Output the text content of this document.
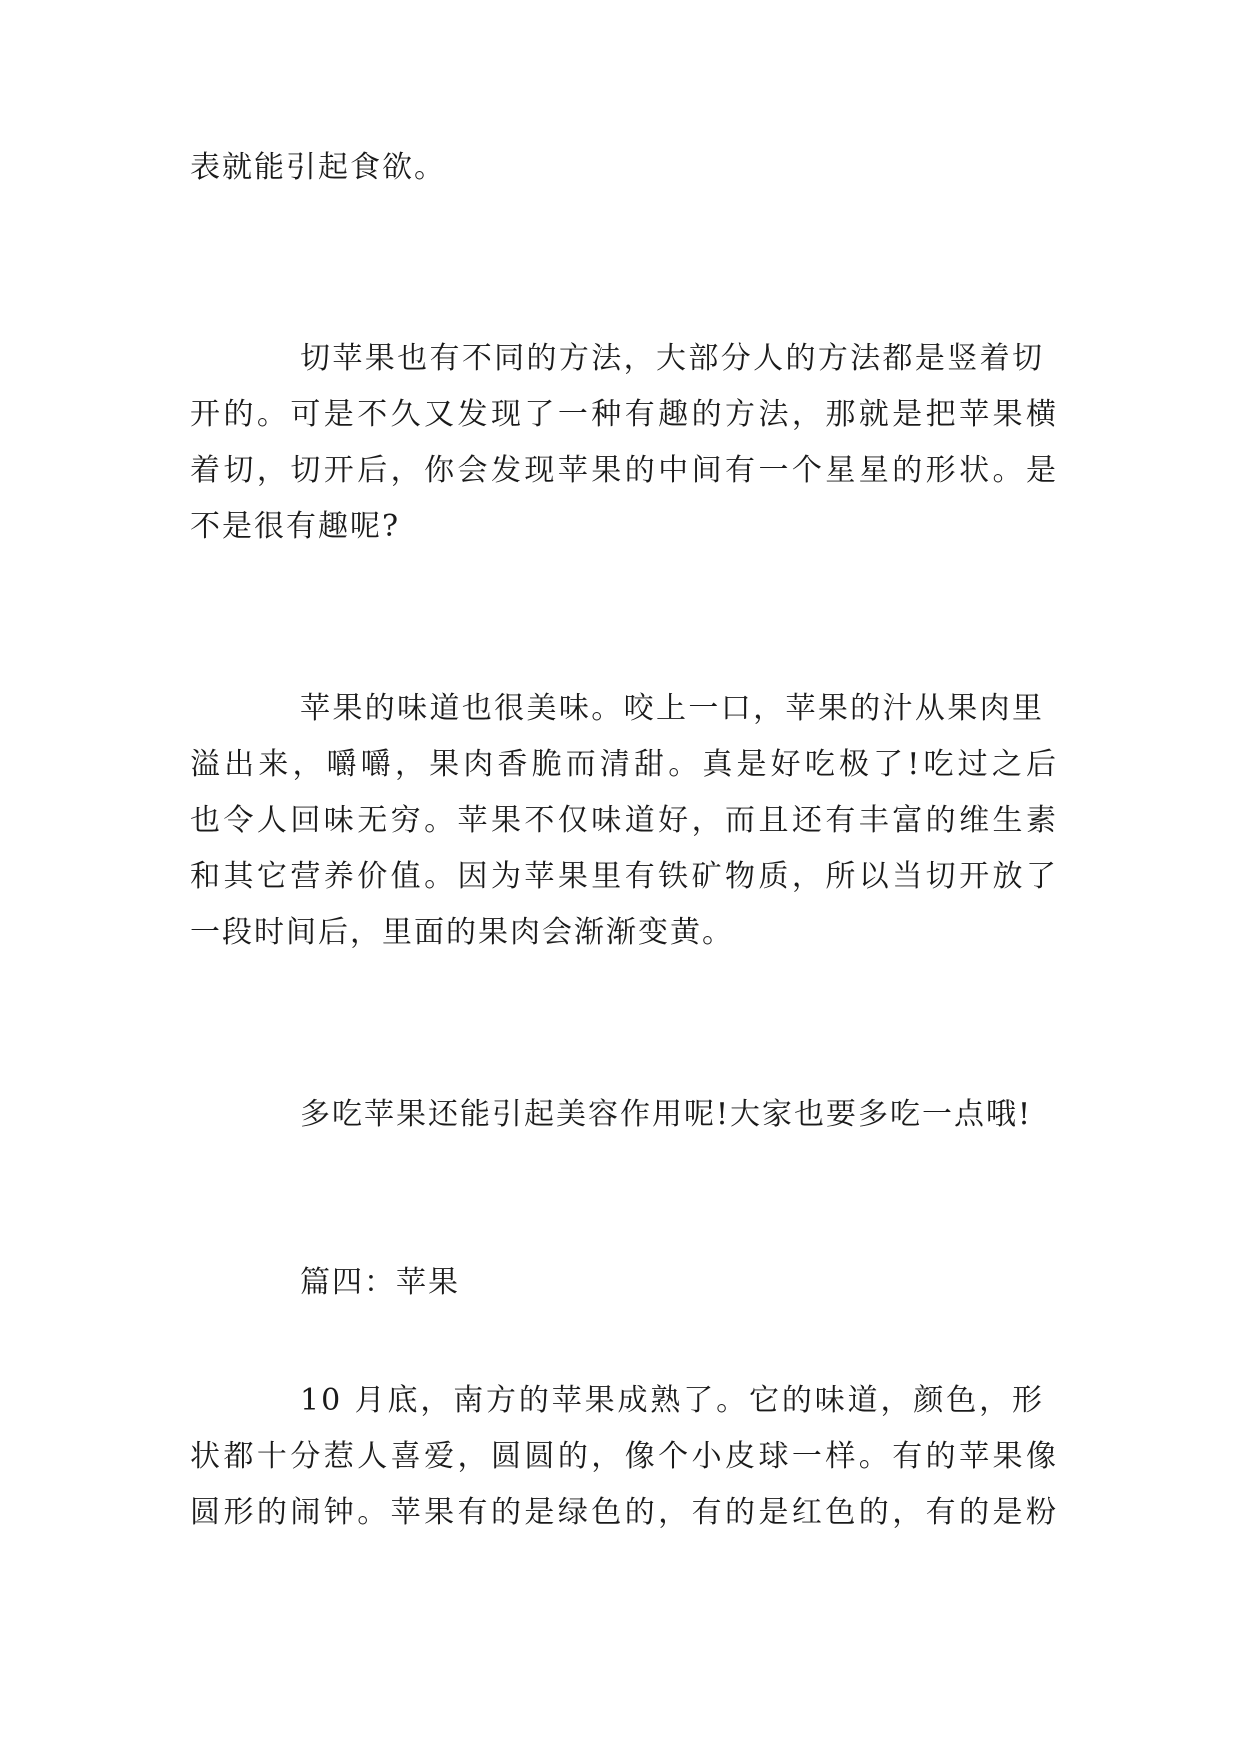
表就能引起食欲。
切苹果也有不同的方法，大部分人的方法都是竖着切
开的。可是不久又发现了一种有趣的方法，那就是把苹果横
着切，切开后，你会发现苹果的中间有一个星星的形状。是
不是很有趣呢?
苹果的味道也很美味。咬上一口，苹果的汁从果肉里
溢出来，嚼嚼，果肉香脆而清甜。真是好吃极了!吃过之后
也令人回味无穷。苹果不仅味道好，而且还有丰富的维生素
和其它营养价值。因为苹果里有铁矿物质，所以当切开放了
一段时间后，里面的果肉会渐渐变黄。
多吃苹果还能引起美容作用呢!大家也要多吃一点哦!
篇四：苹果
10 月底，南方的苹果成熟了。它的味道，颜色，形
状都十分惹人喜爱，圆圆的，像个小皮球一样。有的苹果像
圆形的闹钟。苹果有的是绿色的，有的是红色的，有的是粉
